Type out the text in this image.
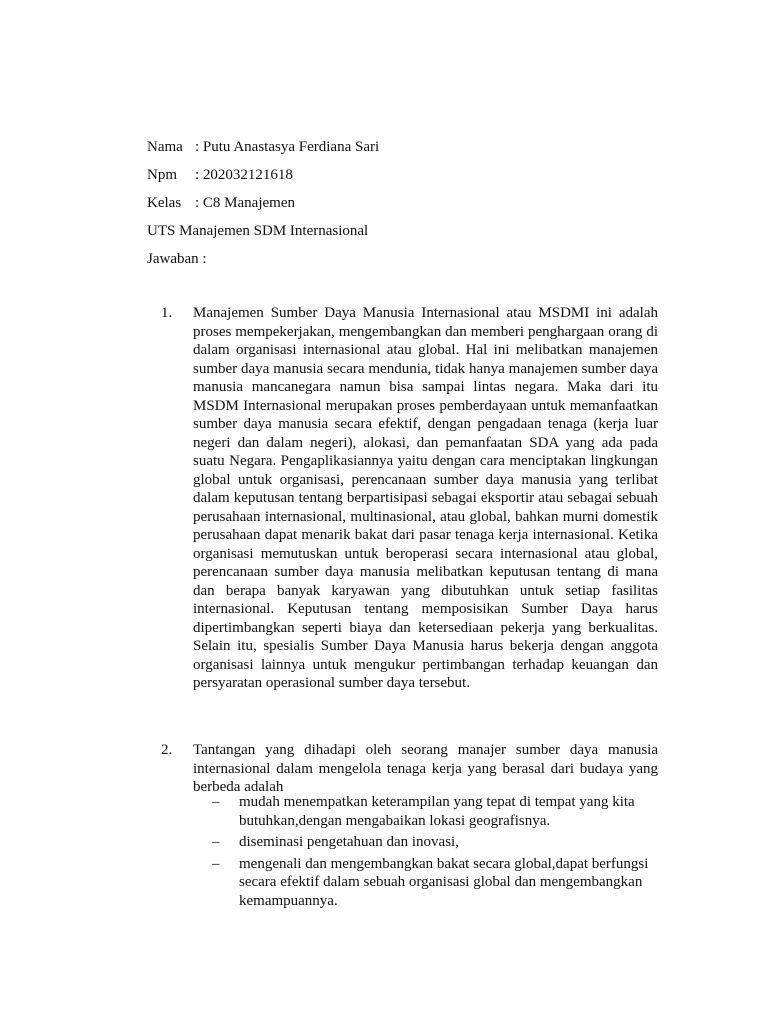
Nama : Putu Anastasya Ferdiana Sari
Npm : 202032121618
Kelas : C8 Manajemen
UTS Manajemen SDM Internasional
Jawaban :
1. Manajemen Sumber Daya Manusia Internasional atau MSDMI ini adalah proses mempekerjakan, mengembangkan dan memberi penghargaan orang di dalam organisasi internasional atau global. Hal ini melibatkan manajemen sumber daya manusia secara mendunia, tidak hanya manajemen sumber daya manusia mancanegara namun bisa sampai lintas negara. Maka dari itu MSDM Internasional merupakan proses pemberdayaan untuk memanfaatkan sumber daya manusia secara efektif, dengan pengadaan tenaga (kerja luar negeri dan dalam negeri), alokasi, dan pemanfaatan SDA yang ada pada suatu Negara. Pengaplikasiannya yaitu dengan cara menciptakan lingkungan global untuk organisasi, perencanaan sumber daya manusia yang terlibat dalam keputusan tentang berpartisipasi sebagai eksportir atau sebagai sebuah perusahaan internasional, multinasional, atau global, bahkan murni domestik perusahaan dapat menarik bakat dari pasar tenaga kerja internasional. Ketika organisasi memutuskan untuk beroperasi secara internasional atau global, perencanaan sumber daya manusia melibatkan keputusan tentang di mana dan berapa banyak karyawan yang dibutuhkan untuk setiap fasilitas internasional. Keputusan tentang memposisikan Sumber Daya harus dipertimbangkan seperti biaya dan ketersediaan pekerja yang berkualitas. Selain itu, spesialis Sumber Daya Manusia harus bekerja dengan anggota organisasi lainnya untuk mengukur pertimbangan terhadap keuangan dan persyaratan operasional sumber daya tersebut.

2. Tantangan yang dihadapi oleh seorang manajer sumber daya manusia internasional dalam mengelola tenaga kerja yang berasal dari budaya yang berbeda adalah

– mudah menempatkan keterampilan yang tepat di tempat yang kita butuhkan,dengan mengabaikan lokasi geografisnya.
– diseminasi pengetahuan dan inovasi,
– mengenali dan mengembangkan bakat secara global,dapat berfungsi secara efektif dalam sebuah organisasi global dan mengembangkan kemampuannya.
